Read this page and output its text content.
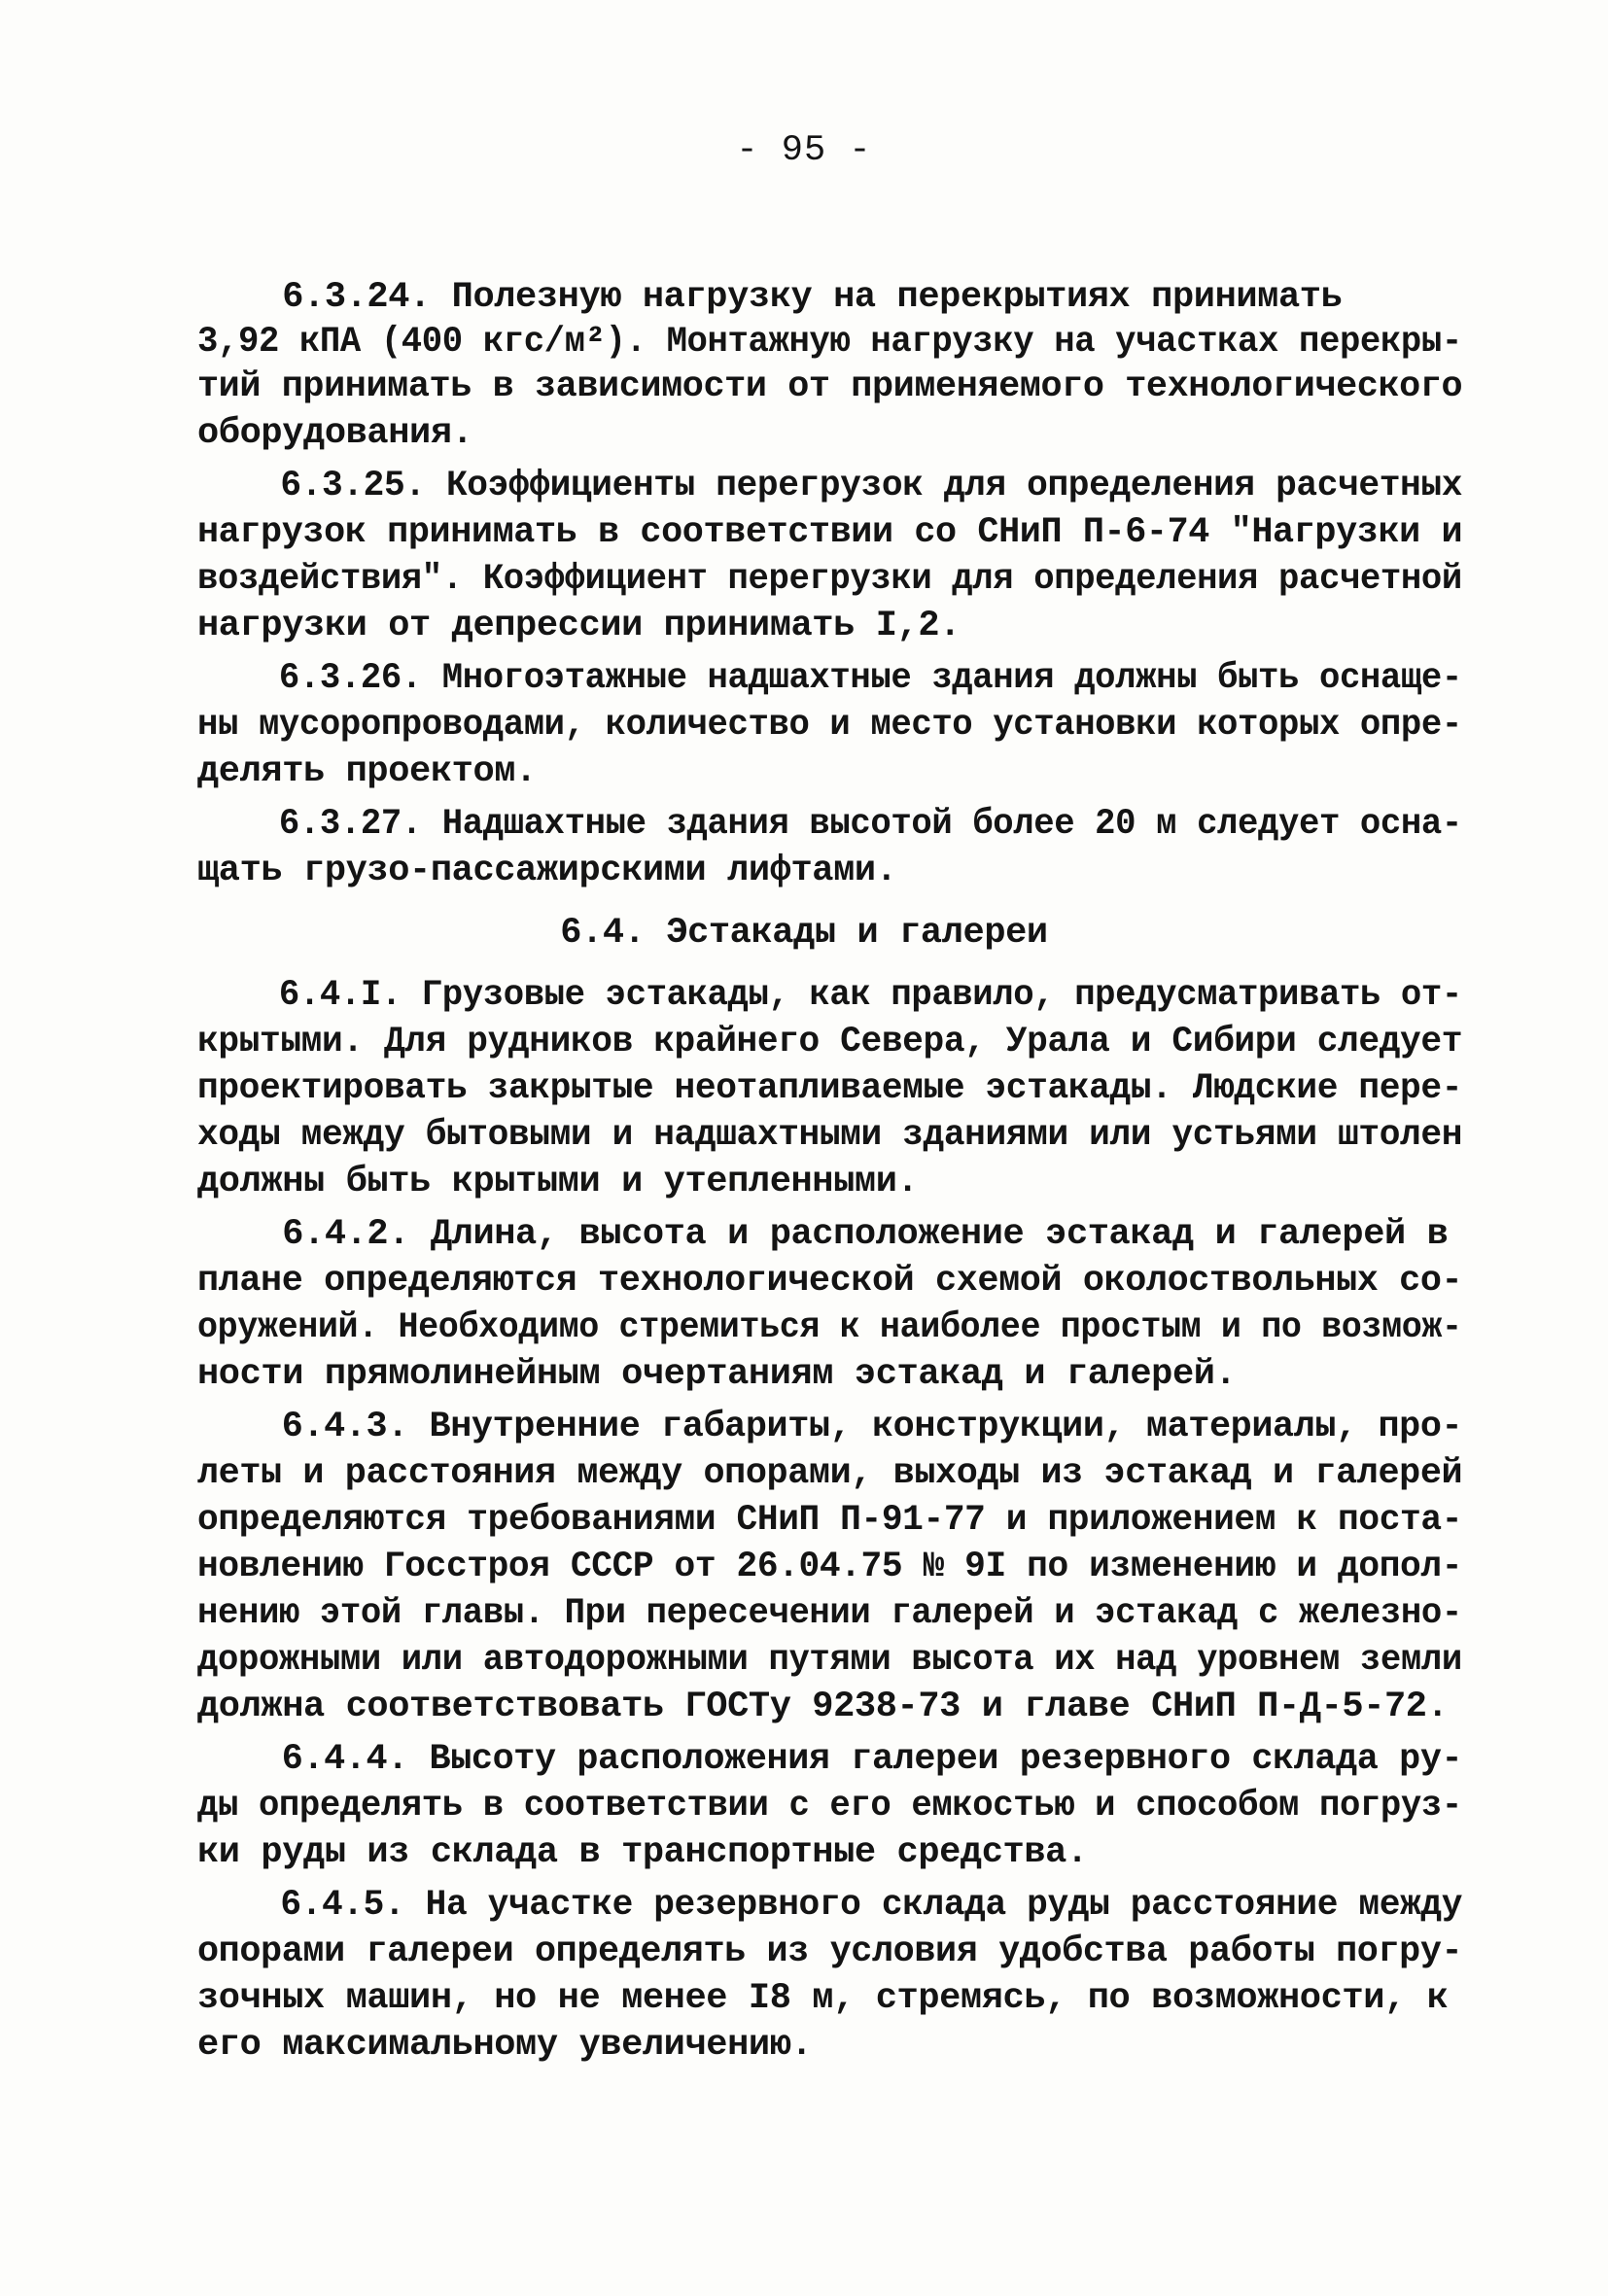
- 95 -
6.3.24. Полезную нагрузку на перекрытиях принимать
3,92 кПА (400 кгс/м²). Монтажную нагрузку на участках перекры-
тий принимать в зависимости от применяемого технологического
оборудования.
6.3.25. Коэффициенты перегрузок для определения расчетных
нагрузок принимать в соответствии со СНиП П-6-74 "Нагрузки и
воздействия". Коэффициент перегрузки для определения расчетной
нагрузки от депрессии принимать I,2.
6.3.26. Многоэтажные надшахтные здания должны быть оснаще-
ны мусоропроводами, количество и место установки которых опре-
делять проектом.
6.3.27. Надшахтные здания высотой более 20 м следует осна-
щать грузо-пассажирскими лифтами.
6.4. Эстакады и галереи
6.4.I. Грузовые эстакады, как правило, предусматривать от-
крытыми. Для рудников крайнего Севера, Урала и Сибири следует
проектировать закрытые неотапливаемые эстакады. Людские пере-
ходы между бытовыми и надшахтными зданиями или устьями штолен
должны быть крытыми и утепленными.
6.4.2. Длина, высота и расположение эстакад и галерей в
плане определяются технологической схемой околоствольных со-
оружений. Необходимо стремиться к наиболее простым и по возмож-
ности прямолинейным очертаниям эстакад и галерей.
6.4.3. Внутренние габариты, конструкции, материалы, про-
леты и расстояния между опорами, выходы из эстакад и галерей
определяются требованиями СНиП П-91-77 и приложением к поста-
новлению Госстроя СССР от 26.04.75 № 9I по изменению и допол-
нению этой главы. При пересечении галерей и эстакад с железно-
дорожными или автодорожными путями высота их над уровнем земли
должна соответствовать ГОСТу 9238-73 и главе СНиП П-Д-5-72.
6.4.4. Высоту расположения галереи резервного склада ру-
ды определять в соответствии с его емкостью и способом погруз-
ки руды из склада в транспортные средства.
6.4.5. На участке резервного склада руды расстояние между
опорами галереи определять из условия удобства работы погру-
зочных машин, но не менее I8 м, стремясь, по возможности, к
его максимальному увеличению.
